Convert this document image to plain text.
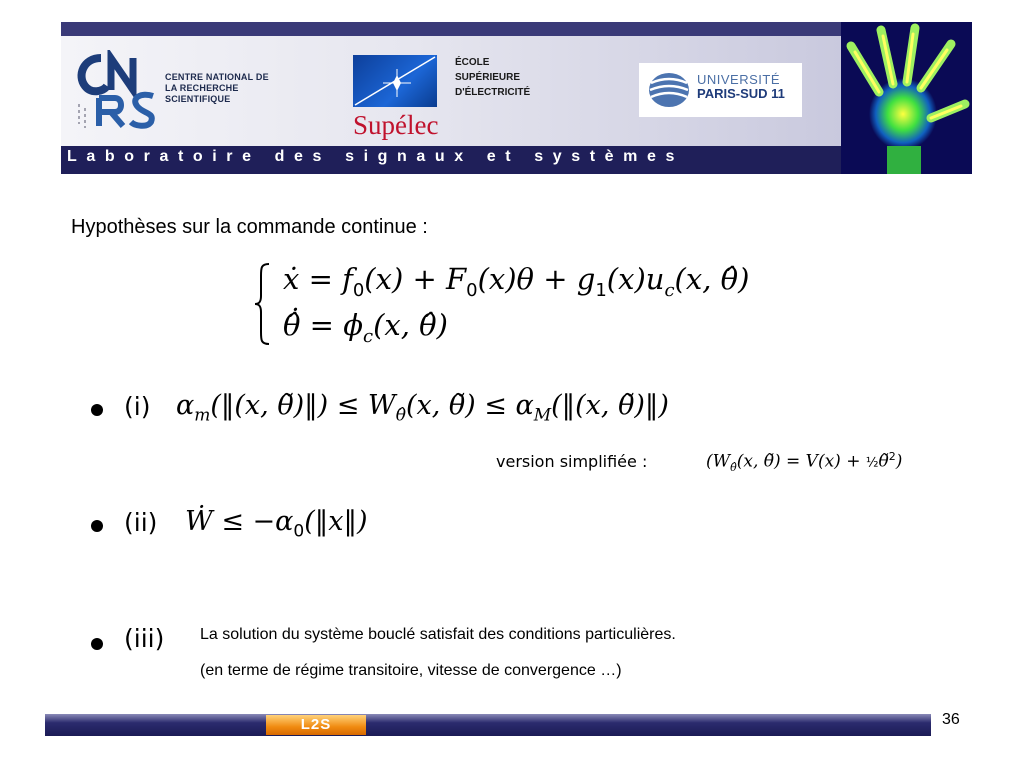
CENTRE NATIONAL DE LA RECHERCHE SCIENTIFIQUE
Supélec
ÉCOLE
SUPÉRIEURE
D'ÉLECTRICITÉ
UNIVERSITÉ
PARIS-SUD 11
Laboratoire des signaux et systèmes
Hypothèses sur la commande continue :
ẋ = $f_0(x) + F_0(x)\theta + g_1(x)u_c(x$, θ̂)
θ̂̇ = $\phi_c(x$, θ̂)
(i) $\alpha_m(‖(x$, θ̃)‖) ≤ $W_{\thetâ}(x$, θ̃) ≤ $\alpha_M(‖(x$, θ̃)‖)
version simplifiée :	($W_{\thetâ}(x$, θ̃) = V(x) + ½θ̃$^2$)
(ii) Ẇ ≤ $-\alpha_0(‖x‖)$
(iii) La solution du système bouclé satisfait des conditions particulières.
(en terme de régime transitoire, vitesse de convergence …)
L2S	36
